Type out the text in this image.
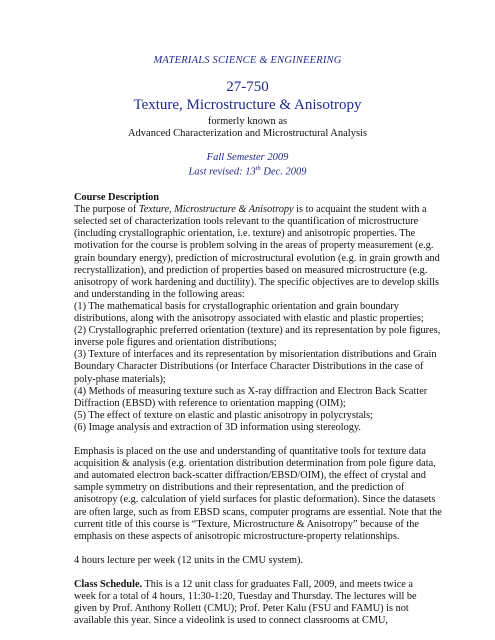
MATERIALS SCIENCE & ENGINEERING
27-750
Texture, Microstructure & Anisotropy
formerly known as
Advanced Characterization and Microstructural Analysis
Fall Semester 2009
Last revised: 13th Dec. 2009
Course Description
The purpose of Texture, Microstructure & Anisotropy is to acquaint the student with a
selected set of characterization tools relevant to the quantification of microstructure
(including crystallographic orientation, i.e. texture) and anisotropic properties. The
motivation for the course is problem solving in the areas of property measurement (e.g.
grain boundary energy), prediction of microstructural evolution (e.g. in grain growth and
recrystallization), and prediction of properties based on measured microstructure (e.g.
anisotropy of work hardening and ductility). The specific objectives are to develop skills
and understanding in the following areas:
(1) The mathematical basis for crystallographic orientation and grain boundary
distributions, along with the anisotropy associated with elastic and plastic properties;
(2) Crystallographic preferred orientation (texture) and its representation by pole figures,
inverse pole figures and orientation distributions;
(3) Texture of interfaces and its representation by misorientation distributions and Grain
Boundary Character Distributions (or Interface Character Distributions in the case of
poly-phase materials);
(4) Methods of measuring texture such as X-ray diffraction and Electron Back Scatter
Diffraction (EBSD) with reference to orientation mapping (OIM);
(5) The effect of texture on elastic and plastic anisotropy in polycrystals;
(6) Image analysis and extraction of 3D information using stereology.
Emphasis is placed on the use and understanding of quantitative tools for texture data
acquisition & analysis (e.g. orientation distribution determination from pole figure data,
and automated electron back-scatter diffraction/EBSD/OIM), the effect of crystal and
sample symmetry on distributions and their representation, and the prediction of
anisotropy (e.g. calculation of yield surfaces for plastic deformation). Since the datasets
are often large, such as from EBSD scans, computer programs are essential. Note that the
current title of this course is “Texture, Microstructure & Anisotropy” because of the
emphasis on these aspects of anisotropic microstructure-property relationships.
4 hours lecture per week (12 units in the CMU system).
Class Schedule. This is a 12 unit class for graduates Fall, 2009, and meets twice a
week for a total of 4 hours, 11:30-1:20, Tuesday and Thursday. The lectures will be
given by Prof. Anthony Rollett (CMU); Prof. Peter Kalu (FSU and FAMU) is not
available this year. Since a videolink is used to connect classrooms at CMU,
